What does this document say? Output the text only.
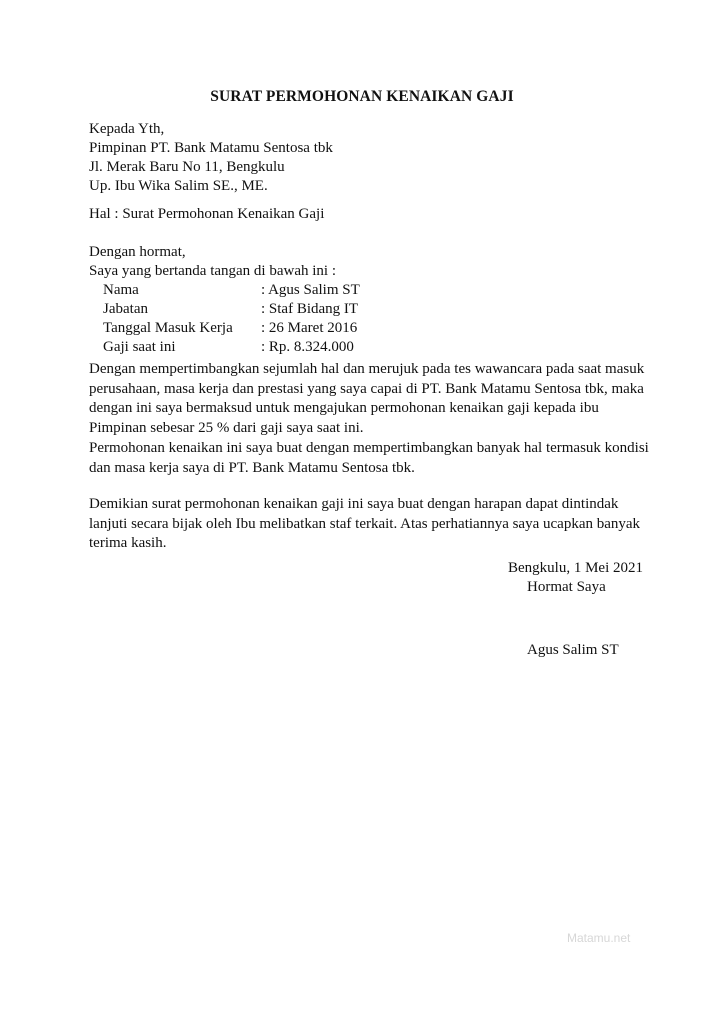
SURAT PERMOHONAN KENAIKAN GAJI
Kepada Yth,
Pimpinan PT. Bank Matamu Sentosa tbk
Jl. Merak Baru No 11, Bengkulu
Up. Ibu Wika Salim SE., ME.
Hal : Surat Permohonan Kenaikan Gaji
Dengan hormat,
Saya yang bertanda tangan di bawah ini :
Nama	: Agus Salim ST
Jabatan	: Staf Bidang IT
Tanggal Masuk Kerja : 26 Maret 2016
Gaji saat ini	: Rp. 8.324.000
Dengan mempertimbangkan sejumlah hal dan merujuk pada tes wawancara pada saat masuk perusahaan, masa kerja dan prestasi yang saya capai di PT. Bank Matamu Sentosa tbk, maka dengan ini saya bermaksud untuk mengajukan permohonan kenaikan gaji kepada ibu Pimpinan sebesar 25 % dari gaji saya saat ini.
Permohonan kenaikan ini saya buat dengan mempertimbangkan banyak hal termasuk kondisi dan masa kerja saya di PT. Bank Matamu Sentosa tbk.
Demikian surat permohonan kenaikan gaji ini saya buat dengan harapan dapat dintindak lanjuti secara bijak oleh Ibu melibatkan staf terkait. Atas perhatiannya saya ucapkan banyak terima kasih.
Bengkulu, 1 Mei 2021
Hormat Saya
Agus Salim ST
Matamu.net
